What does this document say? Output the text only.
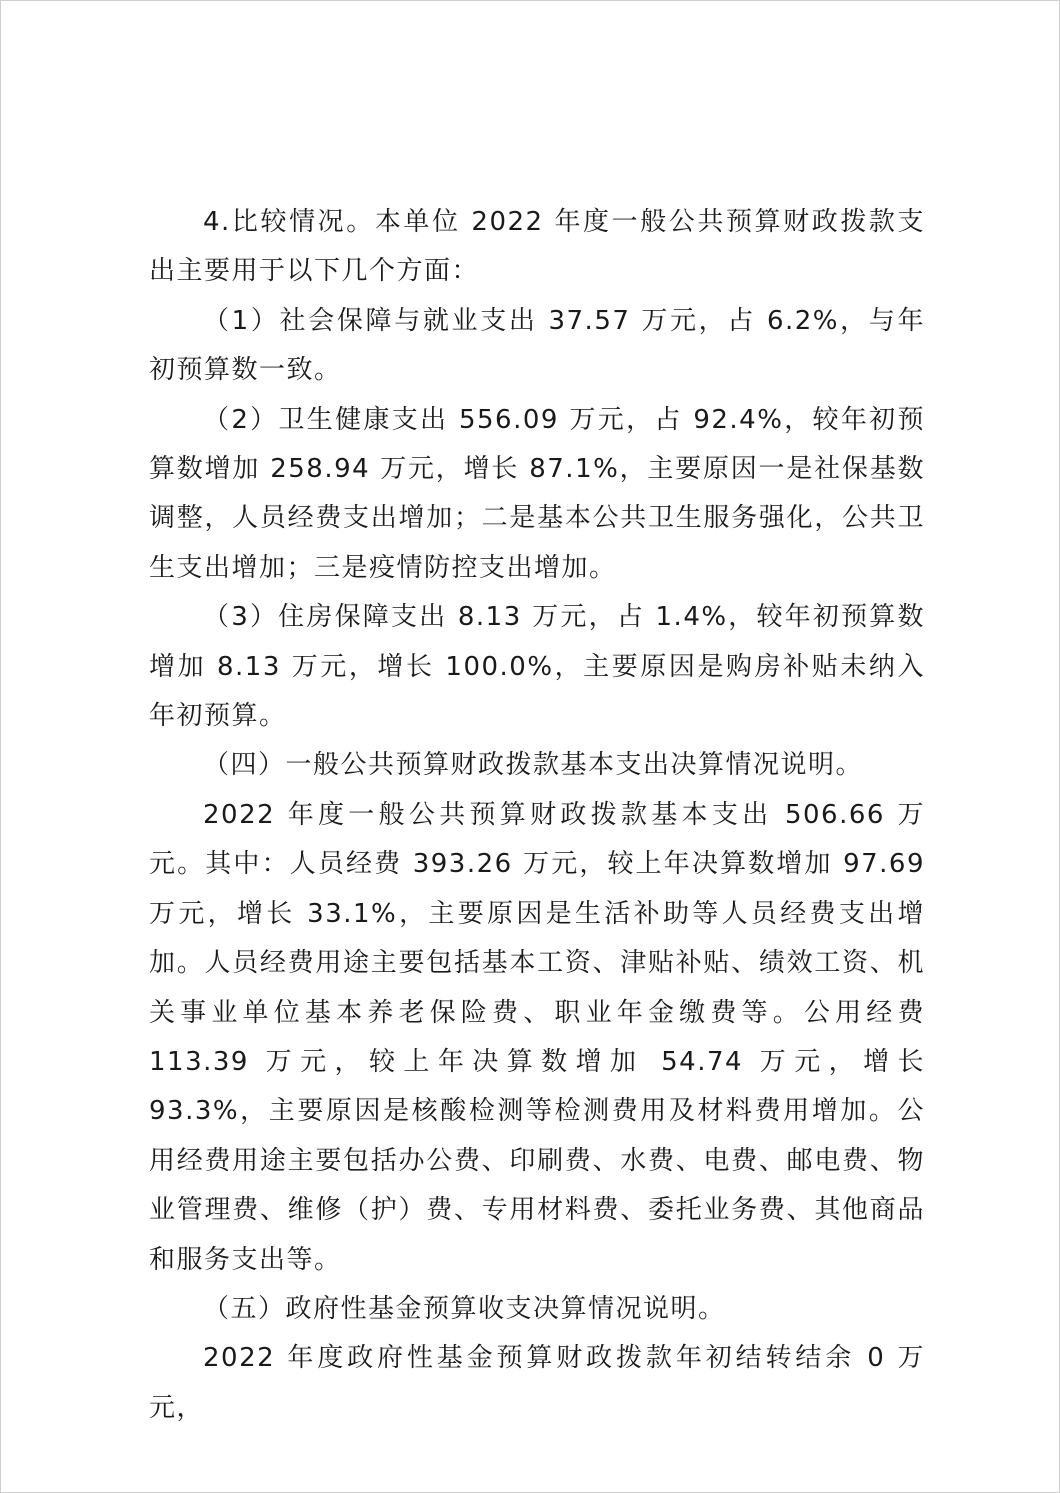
4.比较情况。本单位 2022 年度一般公共预算财政拨款支出主要用于以下几个方面：

（1）社会保障与就业支出 37.57 万元，占 6.2%，与年初预算数一致。

（2）卫生健康支出 556.09 万元，占 92.4%，较年初预算数增加 258.94 万元，增长 87.1%，主要原因一是社保基数调整，人员经费支出增加；二是基本公共卫生服务强化，公共卫生支出增加；三是疫情防控支出增加。

（3）住房保障支出 8.13 万元，占 1.4%，较年初预算数增加 8.13 万元，增长 100.0%，主要原因是购房补贴未纳入年初预算。

（四）一般公共预算财政拨款基本支出决算情况说明。

2022 年度一般公共预算财政拨款基本支出 506.66 万元。其中：人员经费 393.26 万元，较上年决算数增加 97.69 万元，增长 33.1%，主要原因是生活补助等人员经费支出增加。人员经费用途主要包括基本工资、津贴补贴、绩效工资、机关事业单位基本养老保险费、职业年金缴费等。公用经费 113.39 万元，较上年决算数增加 54.74 万元，增长 93.3%，主要原因是核酸检测等检测费用及材料费用增加。公用经费用途主要包括办公费、印刷费、水费、电费、邮电费、物业管理费、维修（护）费、专用材料费、委托业务费、其他商品和服务支出等。

（五）政府性基金预算收支决算情况说明。

2022 年度政府性基金预算财政拨款年初结转结余 0 万元，
